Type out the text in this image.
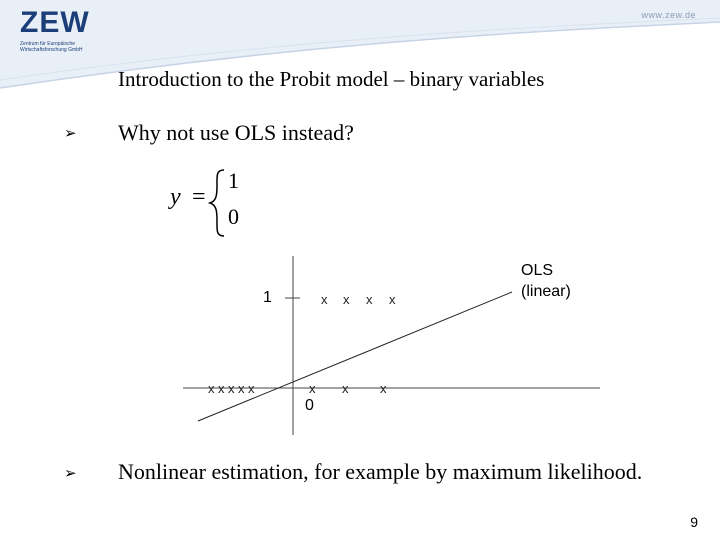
ZEW
Zentrum für Europäische Wirtschaftsforschung GmbH
www.zew.de
Introduction to the Probit model – binary variables
➢ Why not use OLS instead?
y =
1
0
1
0
x x x x
x x x x x	x x x
OLS
(linear)
➢ Nonlinear estimation, for example by maximum likelihood.
9
